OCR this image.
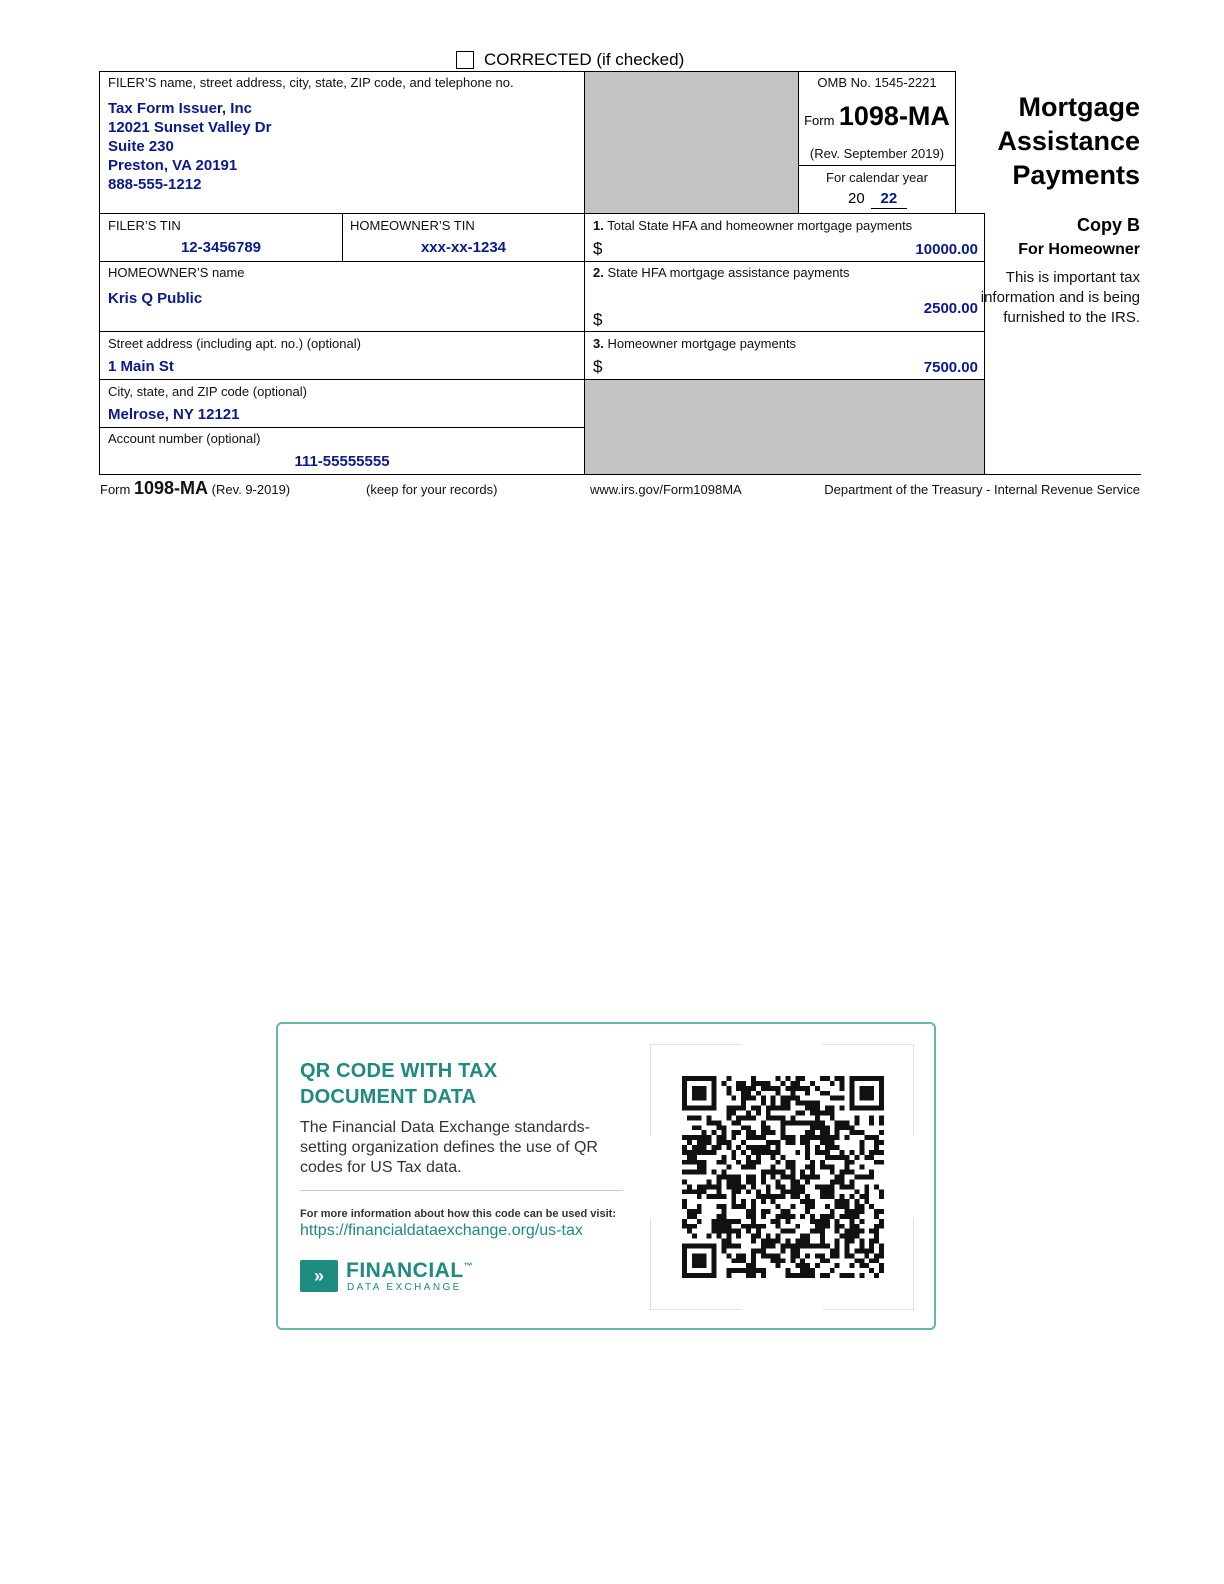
CORRECTED (if checked)
FILER’S name, street address, city, state, ZIP code, and telephone no.
Tax Form Issuer, Inc
12021 Sunset Valley Dr
Suite 230
Preston, VA 20191
888-555-1212
OMB No. 1545-2221
Form 1098-MA
(Rev. September 2019)
For calendar year
20 22
Mortgage
Assistance
Payments
FILER’S TIN
12-3456789
HOMEOWNER’S TIN
xxx-xx-1234
HOMEOWNER’S name
Kris Q Public
Street address (including apt. no.) (optional)
1 Main St
City, state, and ZIP code (optional)
Melrose, NY 12121
Account number (optional)
111-55555555
1. Total State HFA and homeowner mortgage payments
$	10000.00
2. State HFA mortgage assistance payments
2500.00
$
3. Homeowner mortgage payments
$	7500.00
Copy B
For Homeowner
This is important tax information and is being furnished to the IRS.
Form 1098-MA (Rev. 9-2019)	(keep for your records)	www.irs.gov/Form1098MA	Department of the Treasury - Internal Revenue Service
QR CODE WITH TAX DOCUMENT DATA
The Financial Data Exchange standards-setting organization defines the use of QR codes for US Tax data.
For more information about how this code can be used visit:
https://financialdataexchange.org/us-tax
» FINANCIAL™
DATA EXCHANGE
